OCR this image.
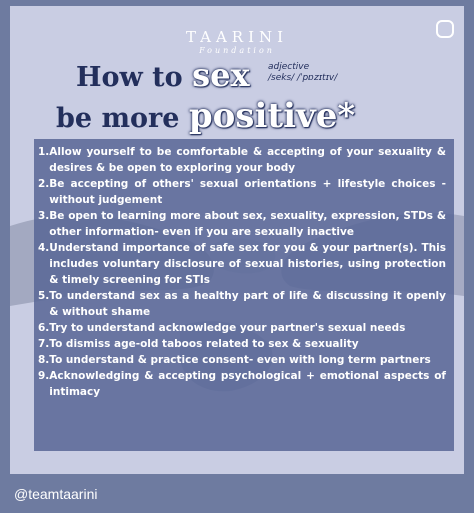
TAARINI
Foundation
How to sex adjective
/seks/ /ˈpɒzɪtɪv/
be more positive*
1. Allow yourself to be comfortable & accepting of your sexuality & desires & be open to exploring your body
2. Be accepting of others' sexual orientations + lifestyle choices - without judgement
3. Be open to learning more about sex, sexuality, expression, STDs & other information- even if you are sexually inactive
4. Understand importance of safe sex for you & your partner(s). This includes voluntary disclosure of sexual histories, using protection & timely screening for STIs
5. To understand sex as a healthy part of life & discussing it openly & without shame
6. Try to understand acknowledge your partner's sexual needs
7. To dismiss age-old taboos related to sex & sexuality
8. To understand & practice consent- even with long term partners
9. Acknowledging & accepting psychological + emotional aspects of intimacy
@teamtaarini
